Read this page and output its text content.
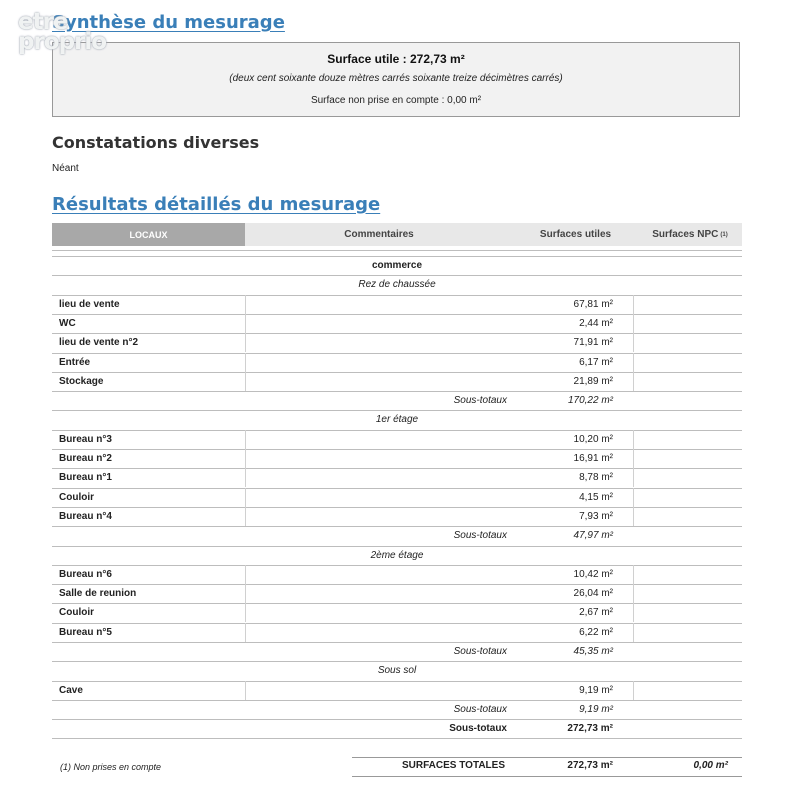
etre
proprio
Synthèse du mesurage
Surface utile : 272,73 m²
(deux cent soixante douze mètres carrés soixante treize décimètres carrés)
Surface non prise en compte : 0,00 m²
Constatations diverses
Néant
Résultats détaillés du mesurage
LOCAUX	Commentaires	Surfaces utiles	Surfaces NPC (1)
commerce
Rez de chaussée
lieu de vente	67,81 m²
WC	2,44 m²
lieu de vente n°2	71,91 m²
Entrée	6,17 m²
Stockage	21,89 m²
Sous-totaux	170,22 m²
1er étage
Bureau n°3	10,20 m²
Bureau n°2	16,91 m²
Bureau n°1	8,78 m²
Couloir	4,15 m²
Bureau n°4	7,93 m²
Sous-totaux	47,97 m²
2ème étage
Bureau n°6	10,42 m²
Salle de reunion	26,04 m²
Couloir	2,67 m²
Bureau n°5	6,22 m²
Sous-totaux	45,35 m²
Sous sol
Cave	9,19 m²
Sous-totaux	9,19 m²
Sous-totaux	272,73 m²
(1) Non prises en compte	SURFACES TOTALES	272,73 m²	0,00 m²
